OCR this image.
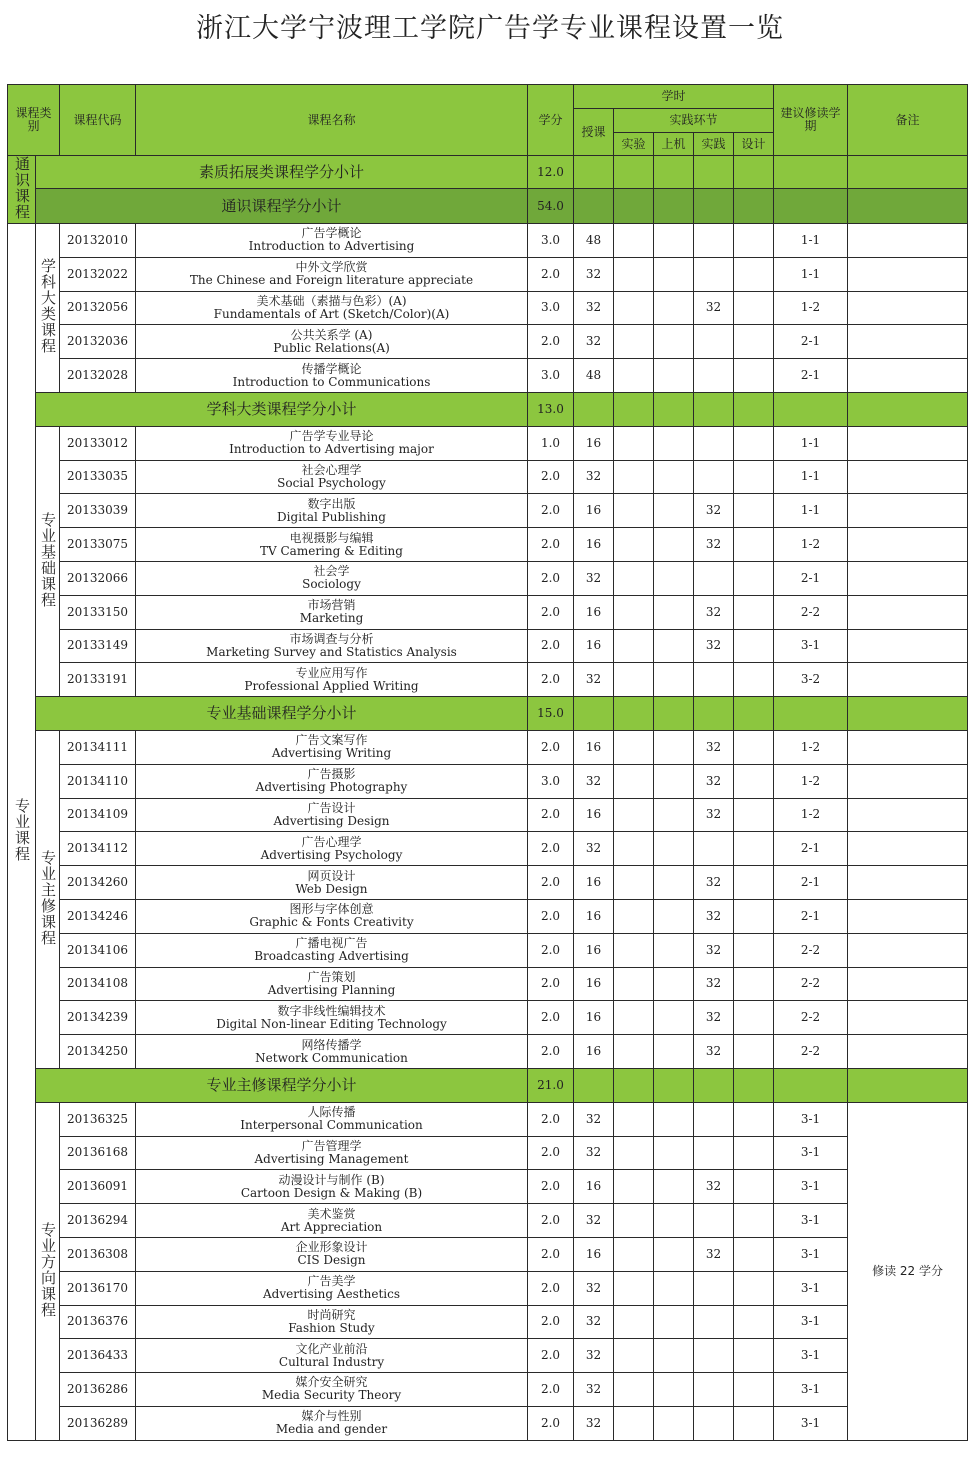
浙江大学宁波理工学院广告学专业课程设置一览
课程类别		课程代码	课程名称	学分	学时					建议修读学期	备注
					授课	实践环节					
						实验	上机	实践	设计		
通识课程	素质拓展类课程学分小计			12.0							
	通识课程学分小计			54.0							
专业课程	学科大类课程	20132010	广告学概论
Introduction to Advertising	3.0	48					1-1	
		20132022	中外文学欣赏
The Chinese and Foreign literature appreciate	2.0	32					1-1	
		20132056	美术基础（素描与色彩）(A)
Fundamentals of Art (Sketch/Color)(A)	3.0	32			32		1-2	
		20132036	公共关系学 (A)
Public Relations(A)	2.0	32					2-1	
		20132028	传播学概论
Introduction to Communications	3.0	48					2-1	
	学科大类课程学分小计			13.0							
	专业基础课程	20133012	广告学专业导论
Introduction to Advertising major	1.0	16					1-1	
		20133035	社会心理学
Social Psychology	2.0	32					1-1	
		20133039	数字出版
Digital Publishing	2.0	16			32		1-1	
		20133075	电视摄影与编辑
TV Camering & Editing	2.0	16			32		1-2	
		20132066	社会学
Sociology	2.0	32					2-1	
		20133150	市场营销
Marketing	2.0	16			32		2-2	
		20133149	市场调查与分析
Marketing Survey and Statistics Analysis	2.0	16			32		3-1	
		20133191	专业应用写作
Professional Applied Writing	2.0	32					3-2	
	专业基础课程学分小计			15.0							
	专业主修课程	20134111	广告文案写作
Advertising Writing	2.0	16			32		1-2	
		20134110	广告摄影
Advertising Photography	3.0	32			32		1-2	
		20134109	广告设计
Advertising Design	2.0	16			32		1-2	
		20134112	广告心理学
Advertising Psychology	2.0	32					2-1	
		20134260	网页设计
Web Design	2.0	16			32		2-1	
		20134246	图形与字体创意
Graphic & Fonts Creativity	2.0	16			32		2-1	
		20134106	广播电视广告
Broadcasting Advertising	2.0	16			32		2-2	
		20134108	广告策划
Advertising Planning	2.0	16			32		2-2	
		20134239	数字非线性编辑技术
Digital Non-linear Editing Technology	2.0	16			32		2-2	
		20134250	网络传播学
Network Communication	2.0	16			32		2-2	
	专业主修课程学分小计			21.0							
	专业方向课程	20136325	人际传播
Interpersonal Communication	2.0	32					3-1	修读 22 学分
		20136168	广告管理学
Advertising Management	2.0	32					3-1	
		20136091	动漫设计与制作 (B)
Cartoon Design & Making (B)	2.0	16			32		3-1	
		20136294	美术鉴赏
Art Appreciation	2.0	32					3-1	
		20136308	企业形象设计
CIS Design	2.0	16			32		3-1	
		20136170	广告美学
Advertising Aesthetics	2.0	32					3-1	
		20136376	时尚研究
Fashion Study	2.0	32					3-1	
		20136433	文化产业前沿
Cultural Industry	2.0	32					3-1	
		20136286	媒介安全研究
Media Security Theory	2.0	32					3-1	
		20136289	媒介与性别
Media and gender	2.0	32					3-1	
